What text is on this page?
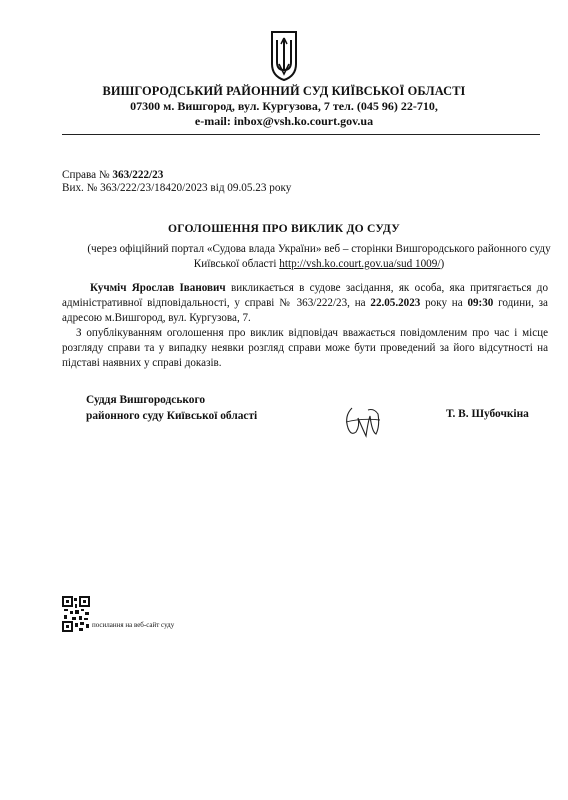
ВИШГОРОДСЬКИЙ РАЙОННИЙ СУД КИЇВСЬКОЇ ОБЛАСТІ
07300 м. Вишгород, вул. Кургузова, 7 тел. (045 96) 22-710,
e-mail: inbox@vsh.ko.court.gov.ua
Справа № 363/222/23
Вих. № 363/222/23/18420/2023 від 09.05.23 року
ОГОЛОШЕННЯ ПРО ВИКЛИК ДО СУДУ
(через офіційний портал «Судова влада України» веб – сторінки Вишгородського районного суду Київської області http://vsh.ko.court.gov.ua/sud 1009/)
Кучміч Ярослав Іванович викликається в судове засідання, як особа, яка притягається до адміністративної відповідальності, у справі № 363/222/23, на 22.05.2023 року на 09:30 години, за адресою м.Вишгород, вул. Кургузова, 7.
З опублікуванням оголошення про виклик відповідач вважається повідомленим про час і місце розгляду справи та у випадку неявки розгляд справи може бути проведений за його відсутності на підставі наявних у справі доказів.
Суддя Вишгородського
районного суду Київської області	Т. В. Шубочкіна
посилання на веб-сайт суду
